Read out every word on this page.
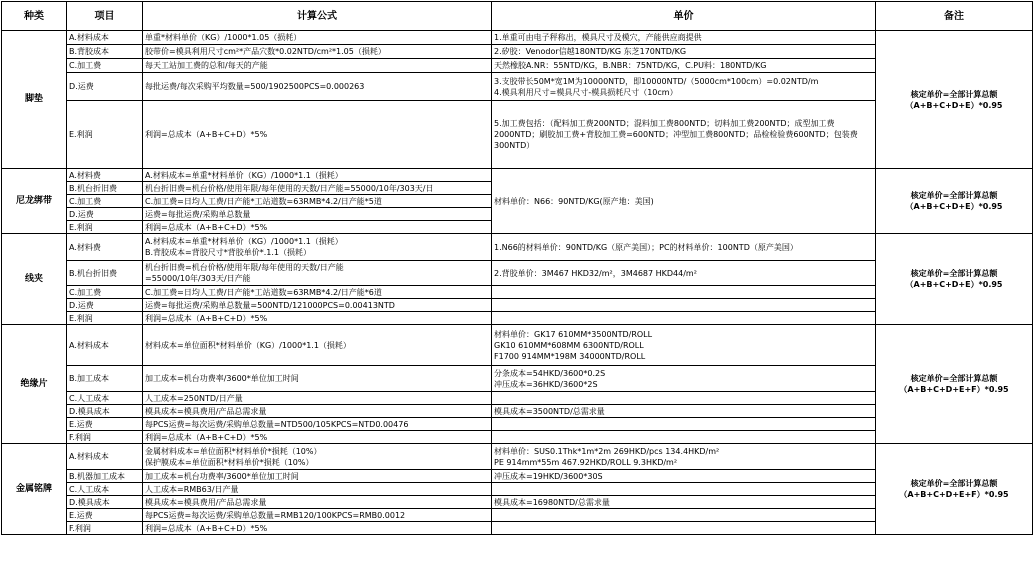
种类	项目	计算公式	单价	备注
脚垫	A.材料成本	单重*材料单价（KG）/1000*1.05（损耗）	1.单重可由电子秤称出，模具尺寸及模穴，产能供应商提供	核定单价=全部计算总额
（A+B+C+D+E）*0.95

	B.背胶成本	胶带价=模具利用尺寸cm²*产品穴数*0.02NTD/cm²*1.05（损耗）	2.矽胶：Venodor信越180NTD/KG 东芝170NTD/KG	

	C.加工费	每天工站加工费的总和/每天的产能	天然橡胶A.NR：55NTD/KG，B.NBR：75NTD/KG，C.PU料：180NTD/KG	

	D.运费	每批运费/每次采购平均数量=500/1902500PCS=0.000263	3.支胶带长50M*宽1M为10000NTD，即10000NTD/（5000cm*100cm）=0.02NTD/m
4.模具利用尺寸=模具尺寸-模具损耗尺寸（10cm）	

	E.利润	利润=总成本（A+B+C+D）*5%	5.加工费包括：（配料加工费200NTD；混料加工费800NTD；切料加工费200NTD；成型加工费2000NTD；刷胶加工费+背胶加工费=600NTD；冲型加工费800NTD；品检检验费600NTD；包装费300NTD）	

尼龙绑带	A.材料费	A.材料成本=单重*材料单价（KG）/1000*1.1（损耗）	材料单价：N66：90NTD/KG(原产地：美国)	核定单价=全部计算总额
（A+B+C+D+E）*0.95

	B.机台折旧费	机台折旧费=机台价格/使用年限/每年使用的天数/日产能=55000/10年/303天/日		

	C.加工费	C.加工费=日均人工费/日产能*工站道数=63RMB*4.2/日产能*5道		

	D.运费	运费=每批运费/采购单总数量		

	E.利润	利润=总成本（A+B+C+D）*5%		

线夹	A.材料费	A.材料成本=单重*材料单价（KG）/1000*1.1（损耗）
B.背胶成本=背胶尺寸*背胶单价*.1.1（损耗）	1.N66的材料单价：90NTD/KG（原产美国）；PC的材料单价：100NTD（原产美国）	核定单价=全部计算总额
（A+B+C+D+E）*0.95

	B.机台折旧费	机台折旧费=机台价格/使用年限/每年使用的天数/日产能
=55000/10年/303天/日产能	2.背胶单价：3M467 HKD32/m²，3M4687 HKD44/m²	

	C.加工费	C.加工费=日均人工费/日产能*工站道数=63RMB*4.2/日产能*6道		

	D.运费	运费=每批运费/采购单总数量=500NTD/121000PCS=0.00413NTD		

	E.利润	利润=总成本（A+B+C+D）*5%		

绝缘片	A.材料成本	材料成本=单位面积*材料单价（KG）/1000*1.1（损耗）	材料单价：GK17 610MM*3500NTD/ROLL
GK10 610MM*608MM 6300NTD/ROLL
F1700 914MM*198M 34000NTD/ROLL	核定单价=全部计算总额
（A+B+C+D+E+F）*0.95

	B.加工成本	加工成本=机台功费率/3600*单位加工时间	分条成本=54HKD/3600*0.2S
冲压成本=36HKD/3600*2S	

	C.人工成本	人工成本=250NTD/日产量		

	D.模具成本	模具成本=模具费用/产品总需求量	模具成本=3500NTD/总需求量	

	E.运费	每PCS运费=每次运费/采购单总数量=NTD500/105KPCS=NTD0.00476		

	F.利润	利润=总成本（A+B+C+D）*5%		

金属铭牌	A.材料成本	金属材料成本=单位面积*材料单价*损耗（10%）
保护膜成本=单位面积*材料单价*损耗（10%）	材料单价：SUS0.1Thk*1m*2m 269HKD/pcs 134.4HKD/m²
PE 914mm*55m 467.92HKD/ROLL 9.3HKD/m²	核定单价=全部计算总额
（A+B+C+D+E+F）*0.95

	B.机器加工成本	加工成本=机台功费率/3600*单位加工时间	冲压成本=19HKD/3600*30S	

	C.人工成本	人工成本=RMB63/日产量		

	D.模具成本	模具成本=模具费用/产品总需求量	模具成本=16980NTD/总需求量	

	E.运费	每PCS运费=每次运费/采购单总数量=RMB120/100KPCS=RMB0.0012		

	F.利润	利润=总成本（A+B+C+D）*5%		
